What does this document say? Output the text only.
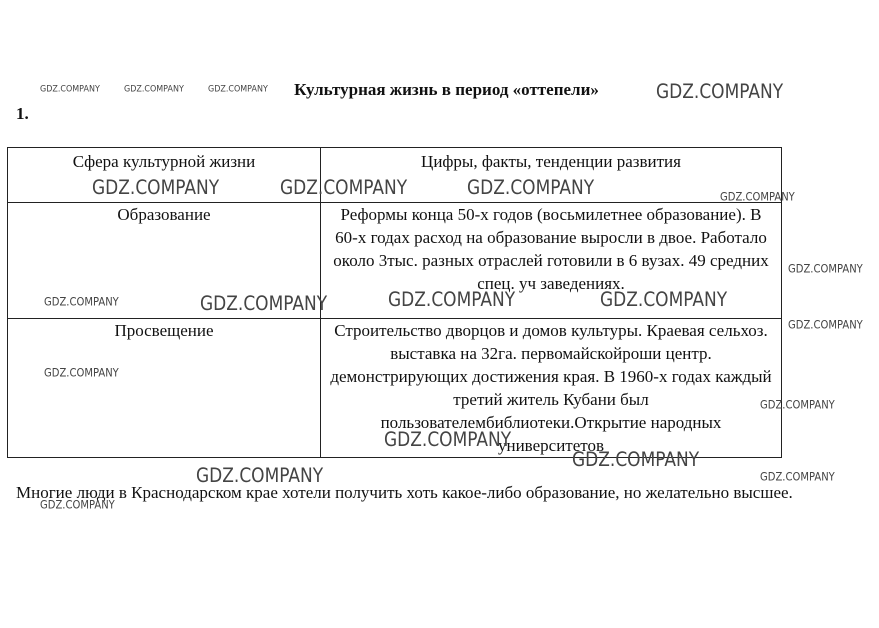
Культурная жизнь в период «оттепели»
1.
Сфера культурной жизни	Цифры, факты, тенденции развития
Образование	Реформы конца 50-х годов (восьмилетнее образование). В 60-х годах расход на образование выросли в двое. Работало около 3тыс. разных отраслей готовили в 6 вузах. 49 средних спец. уч заведениях.
Просвещение	Строительство дворцов и домов культуры. Краевая сельхоз. выставка на 32га. первомайскойроши центр. демонстрирующих достижения края. В 1960-х годах каждый третий житель Кубани был пользователембиблиотеки.Открытие народных университетов
Многие люди в Краснодарском крае хотели получить хоть какое-либо образование, но желательно высшее.
GDZ.COMPANY	GDZ.COMPANY	GDZ.COMPANY	GDZ.COMPANY
GDZ.COMPANY	GDZ.COMPANY	GDZ.COMPANY	GDZ.COMPANY
GDZ.COMPANY
GDZ.COMPANY	GDZ.COMPANY	GDZ.COMPANY	GDZ.COMPANY
GDZ.COMPANY
GDZ.COMPANY
GDZ.COMPANY
GDZ.COMPANY
GDZ.COMPANY
GDZ.COMPANY	GDZ.COMPANY
GDZ.COMPANY
